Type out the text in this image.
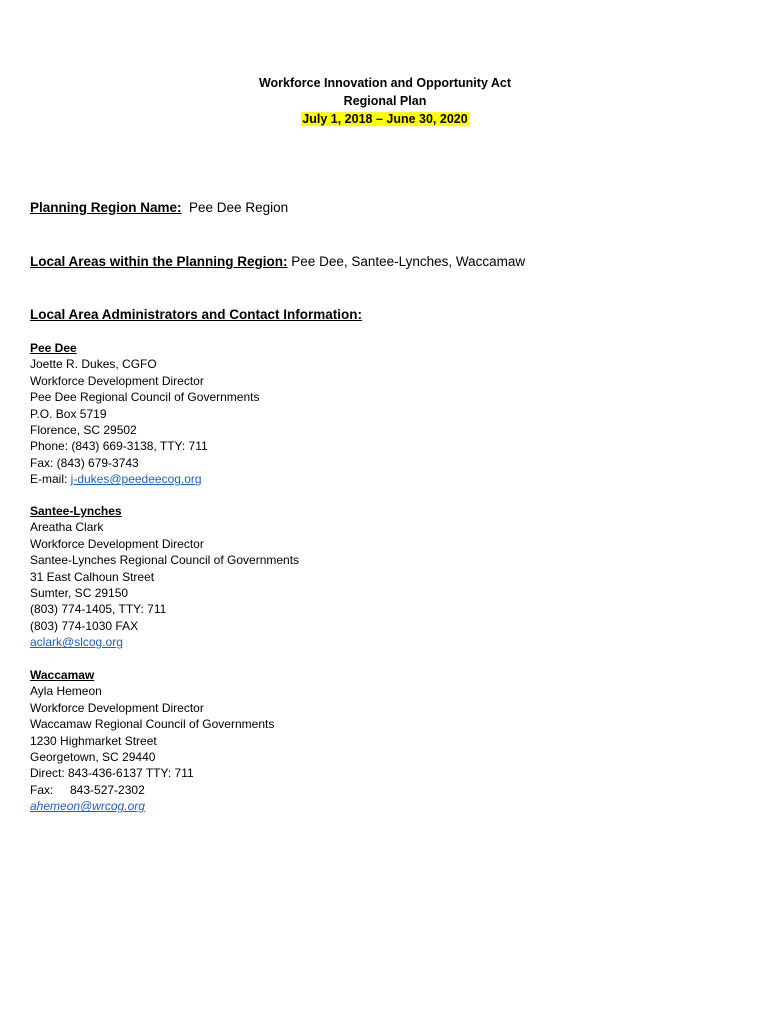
Workforce Innovation and Opportunity Act
Regional Plan
July 1, 2018 – June 30, 2020
Planning Region Name: Pee Dee Region
Local Areas within the Planning Region: Pee Dee, Santee-Lynches, Waccamaw
Local Area Administrators and Contact Information:
Pee Dee
Joette R. Dukes, CGFO
Workforce Development Director
Pee Dee Regional Council of Governments
P.O. Box 5719
Florence, SC 29502
Phone: (843) 669-3138, TTY: 711
Fax: (843) 679-3743
E-mail: j-dukes@peedeecog.org
Santee-Lynches
Areatha Clark
Workforce Development Director
Santee-Lynches Regional Council of Governments
31 East Calhoun Street
Sumter, SC 29150
(803) 774-1405, TTY: 711
(803) 774-1030 FAX
aclark@slcog.org
Waccamaw
Ayla Hemeon
Workforce Development Director
Waccamaw Regional Council of Governments
1230 Highmarket Street
Georgetown, SC 29440
Direct: 843-436-6137 TTY: 711
Fax:     843-527-2302
ahemeon@wrcog.org
